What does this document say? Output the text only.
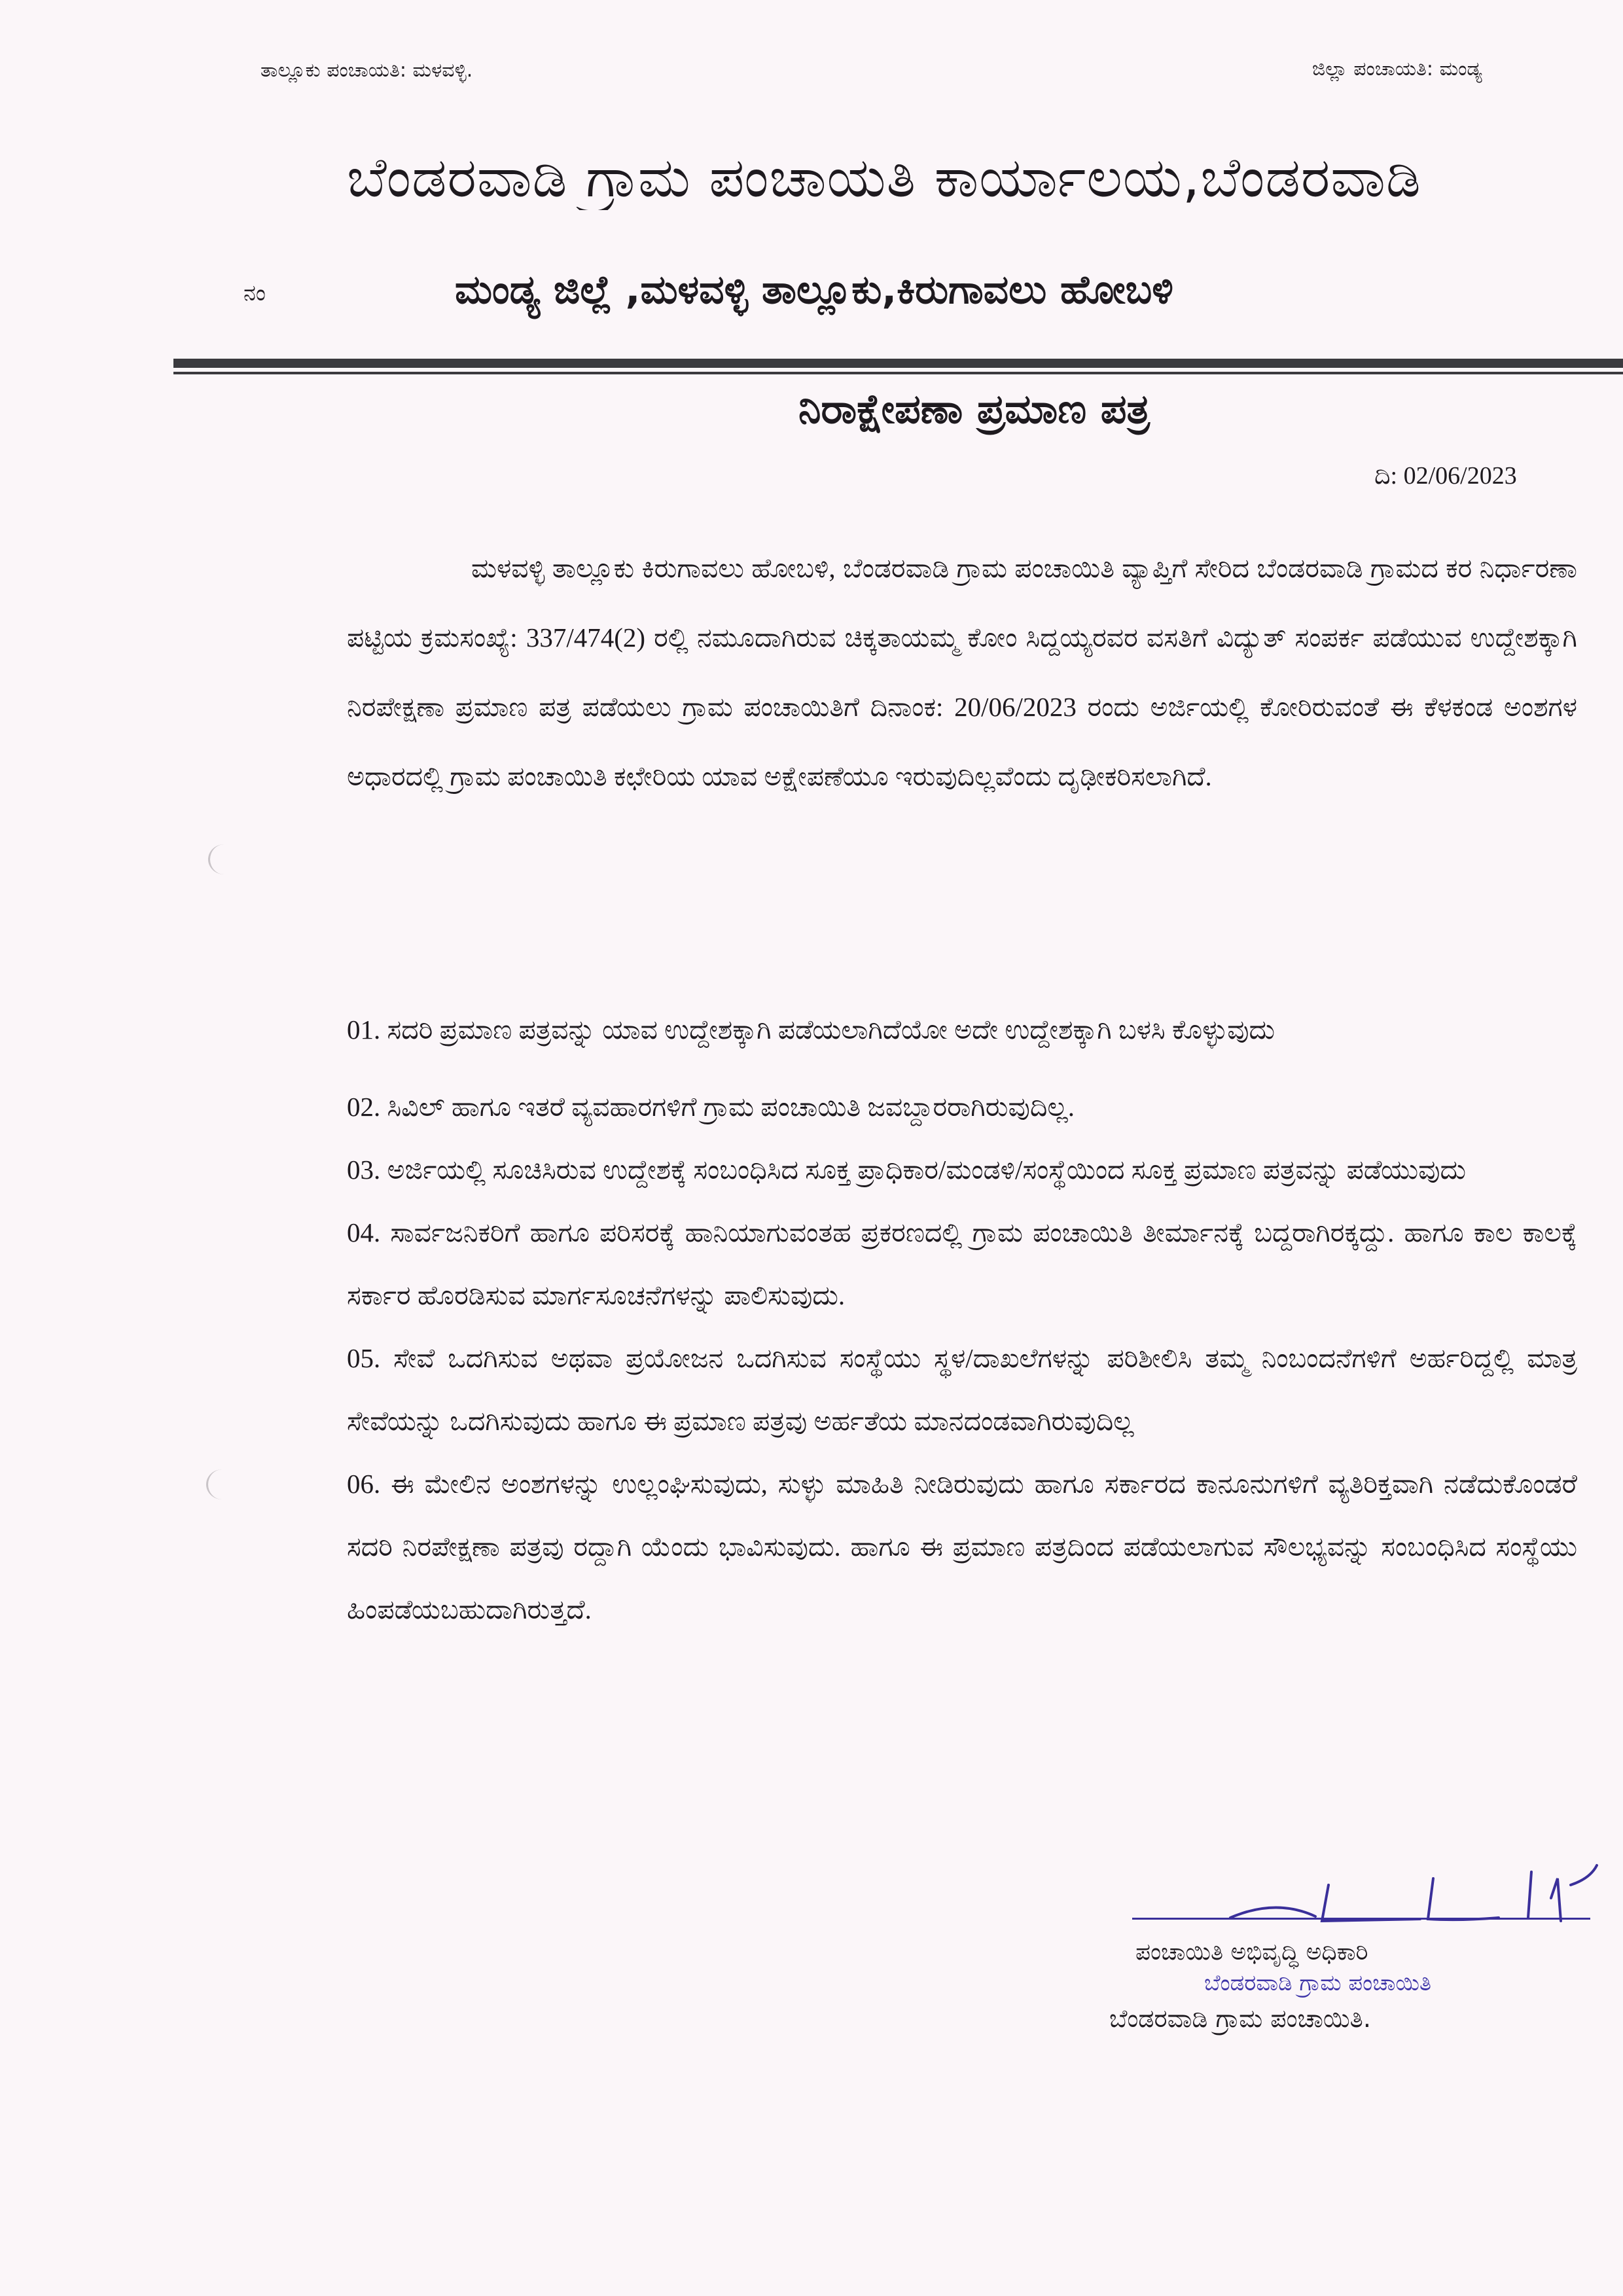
ತಾಲ್ಲೂಕು ಪಂಚಾಯತಿ: ಮಳವಳ್ಳಿ.	ಜಿಲ್ಲಾ ಪಂಚಾಯತಿ: ಮಂಡ್ಯ
ಬೆಂಡರವಾಡಿ ಗ್ರಾಮ ಪಂಚಾಯತಿ ಕಾರ್ಯಾಲಯ,ಬೆಂಡರವಾಡಿ
ನಂ	ಮಂಡ್ಯ ಜಿಲ್ಲೆ ,ಮಳವಳ್ಳಿ ತಾಲ್ಲೂಕು,ಕಿರುಗಾವಲು ಹೋಬಳಿ
ನಿರಾಕ್ಷೇಪಣಾ ಪ್ರಮಾಣ ಪತ್ರ
ದಿ: 02/06/2023

ಮಳವಳ್ಳಿ ತಾಲ್ಲೂಕು ಕಿರುಗಾವಲು ಹೋಬಳಿ, ಬೆಂಡರವಾಡಿ ಗ್ರಾಮ ಪಂಚಾಯಿತಿ ವ್ಯಾಪ್ತಿಗೆ ಸೇರಿದ ಬೆಂಡರವಾಡಿ ಗ್ರಾಮದ ಕರ ನಿರ್ಧಾರಣಾ ಪಟ್ಟಿಯ ಕ್ರಮಸಂಖ್ಯೆ: 337/474(2) ರಲ್ಲಿ ನಮೂದಾಗಿರುವ ಚಿಕ್ಕತಾಯಮ್ಮ ಕೋಂ ಸಿದ್ದಯ್ಯರವರ ವಸತಿಗೆ ವಿದ್ಯುತ್ ಸಂಪರ್ಕ ಪಡೆಯುವ ಉದ್ದೇಶಕ್ಕಾಗಿ ನಿರಪೇಕ್ಷಣಾ ಪ್ರಮಾಣ ಪತ್ರ ಪಡೆಯಲು ಗ್ರಾಮ ಪಂಚಾಯಿತಿಗೆ ದಿನಾಂಕ: 20/06/2023 ರಂದು ಅರ್ಜಿಯಲ್ಲಿ ಕೋರಿರುವಂತೆ ಈ ಕೆಳಕಂಡ ಅಂಶಗಳ ಅಧಾರದಲ್ಲಿ ಗ್ರಾಮ ಪಂಚಾಯಿತಿ ಕಛೇರಿಯ ಯಾವ ಅಕ್ಷೇಪಣೆಯೂ ಇರುವುದಿಲ್ಲವೆಂದು ದೃಢೀಕರಿಸಲಾಗಿದೆ.

01. ಸದರಿ ಪ್ರಮಾಣ ಪತ್ರವನ್ನು ಯಾವ ಉದ್ದೇಶಕ್ಕಾಗಿ ಪಡೆಯಲಾಗಿದೆಯೋ ಅದೇ ಉದ್ದೇಶಕ್ಕಾಗಿ ಬಳಸಿ ಕೊಳ್ಳುವುದು

02. ಸಿವಿಲ್ ಹಾಗೂ ಇತರೆ ವ್ಯವಹಾರಗಳಿಗೆ ಗ್ರಾಮ ಪಂಚಾಯಿತಿ ಜವಬ್ದಾರರಾಗಿರುವುದಿಲ್ಲ.

03. ಅರ್ಜಿಯಲ್ಲಿ ಸೂಚಿಸಿರುವ ಉದ್ದೇಶಕ್ಕೆ ಸಂಬಂಧಿಸಿದ ಸೂಕ್ತ ಪ್ರಾಧಿಕಾರ/ಮಂಡಳಿ/ಸಂಸ್ಥೆಯಿಂದ ಸೂಕ್ತ ಪ್ರಮಾಣ ಪತ್ರವನ್ನು ಪಡೆಯುವುದು

04. ಸಾರ್ವಜನಿಕರಿಗೆ ಹಾಗೂ ಪರಿಸರಕ್ಕೆ ಹಾನಿಯಾಗುವಂತಹ ಪ್ರಕರಣದಲ್ಲಿ ಗ್ರಾಮ ಪಂಚಾಯಿತಿ ತೀರ್ಮಾನಕ್ಕೆ ಬದ್ದರಾಗಿರಕ್ಕದ್ದು. ಹಾಗೂ ಕಾಲ ಕಾಲಕ್ಕೆ ಸರ್ಕಾರ ಹೊರಡಿಸುವ ಮಾರ್ಗಸೂಚನೆಗಳನ್ನು ಪಾಲಿಸುವುದು.

05. ಸೇವೆ ಒದಗಿಸುವ ಅಥವಾ ಪ್ರಯೋಜನ ಒದಗಿಸುವ ಸಂಸ್ಥೆಯು ಸ್ಥಳ/ದಾಖಲೆಗಳನ್ನು ಪರಿಶೀಲಿಸಿ ತಮ್ಮ ನಿಂಬಂದನೆಗಳಿಗೆ ಅರ್ಹರಿದ್ದಲ್ಲಿ ಮಾತ್ರ ಸೇವೆಯನ್ನು ಒದಗಿಸುವುದು ಹಾಗೂ ಈ ಪ್ರಮಾಣ ಪತ್ರವು ಅರ್ಹತೆಯ ಮಾನದಂಡವಾಗಿರುವುದಿಲ್ಲ

06. ಈ ಮೇಲಿನ ಅಂಶಗಳನ್ನು ಉಲ್ಲಂಘಿಸುವುದು, ಸುಳ್ಳು ಮಾಹಿತಿ ನೀಡಿರುವುದು ಹಾಗೂ ಸರ್ಕಾರದ ಕಾನೂನುಗಳಿಗೆ ವ್ಯತಿರಿಕ್ತವಾಗಿ ನಡೆದುಕೊಂಡರೆ ಸದರಿ ನಿರಪೇಕ್ಷಣಾ ಪತ್ರವು ರದ್ದಾಗಿ ಯೆಂದು ಭಾವಿಸುವುದು. ಹಾಗೂ ಈ ಪ್ರಮಾಣ ಪತ್ರದಿಂದ ಪಡೆಯಲಾಗುವ ಸೌಲಭ್ಯವನ್ನು ಸಂಬಂಧಿಸಿದ ಸಂಸ್ಥೆಯು ಹಿಂಪಡೆಯಬಹುದಾಗಿರುತ್ತದೆ.

ಪಂಚಾಯಿತಿ ಅಭಿವೃದ್ಧಿ ಅಧಿಕಾರಿ
ಬೆಂಡರವಾಡಿ ಗ್ರಾಮ ಪಂಚಾಯಿತಿ
ಬೆಂಡರವಾಡಿ ಗ್ರಾಮ ಪಂಚಾಯಿತಿ.
